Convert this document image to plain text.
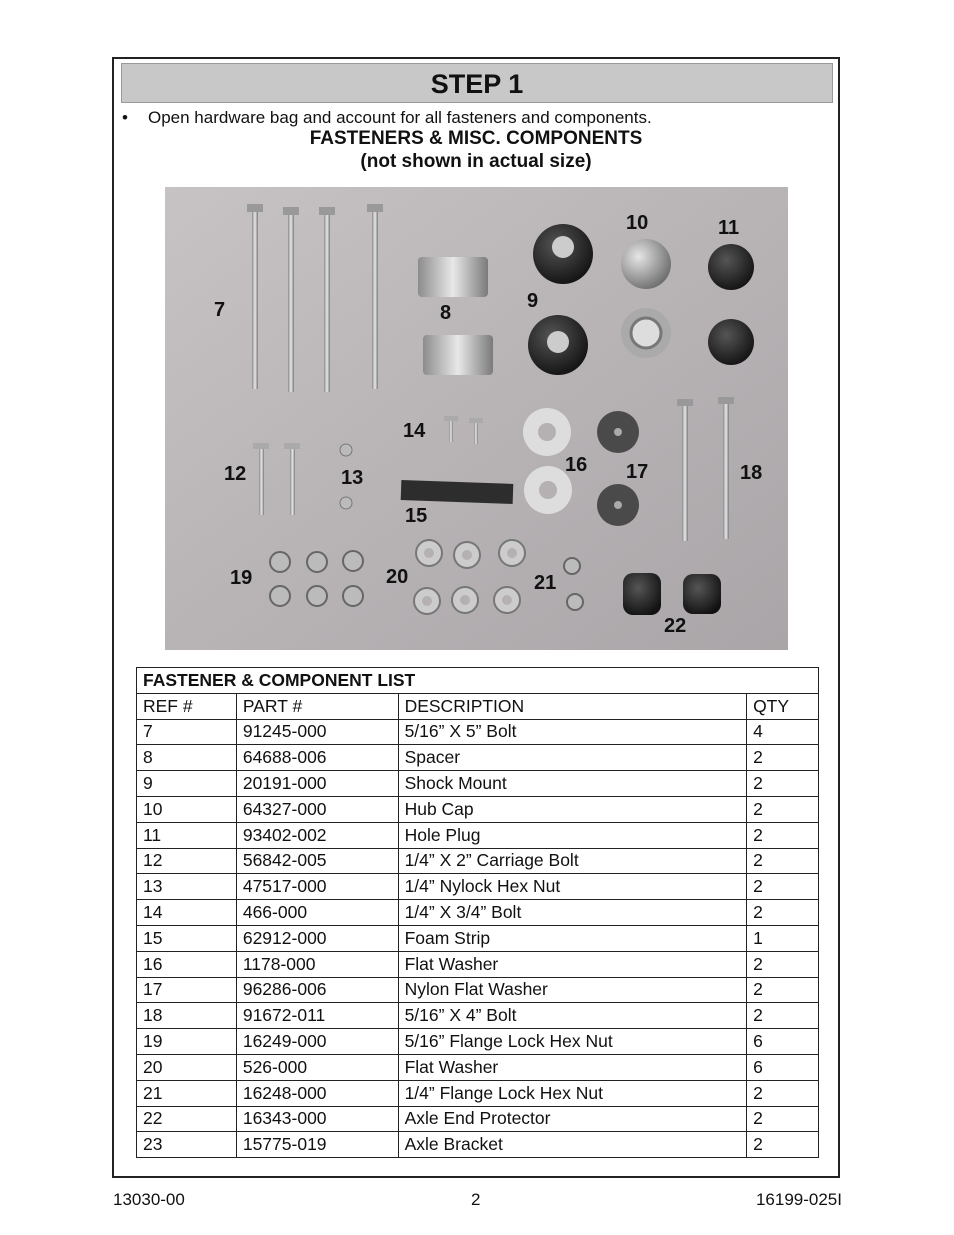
STEP 1
• Open hardware bag and account for all fasteners and components.
FASTENERS & MISC. COMPONENTS
(not shown in actual size)
7	8
9
10	11
12	13
14
15
16 17	18
19	20	21
22
FASTENER & COMPONENT LIST			
REF #	PART #	DESCRIPTION	QTY
7	91245-000	5/16” X 5” Bolt	4
8	64688-006	Spacer	2
9	20191-000	Shock Mount	2
10	64327-000	Hub Cap	2
11	93402-002	Hole Plug	2
12	56842-005	1/4” X 2” Carriage Bolt	2
13	47517-000	1/4” Nylock Hex Nut	2
14	466-000	1/4” X 3/4” Bolt	2
15	62912-000	Foam Strip	1
16	1178-000	Flat Washer	2
17	96286-006	Nylon Flat Washer	2
18	91672-011	5/16” X 4” Bolt	2
19	16249-000	5/16” Flange Lock Hex Nut	6
20	526-000	Flat Washer	6
21	16248-000	1/4” Flange Lock Hex Nut	2
22	16343-000	Axle End Protector	2
23	15775-019	Axle Bracket	2
13030-00	2	16199-025I
